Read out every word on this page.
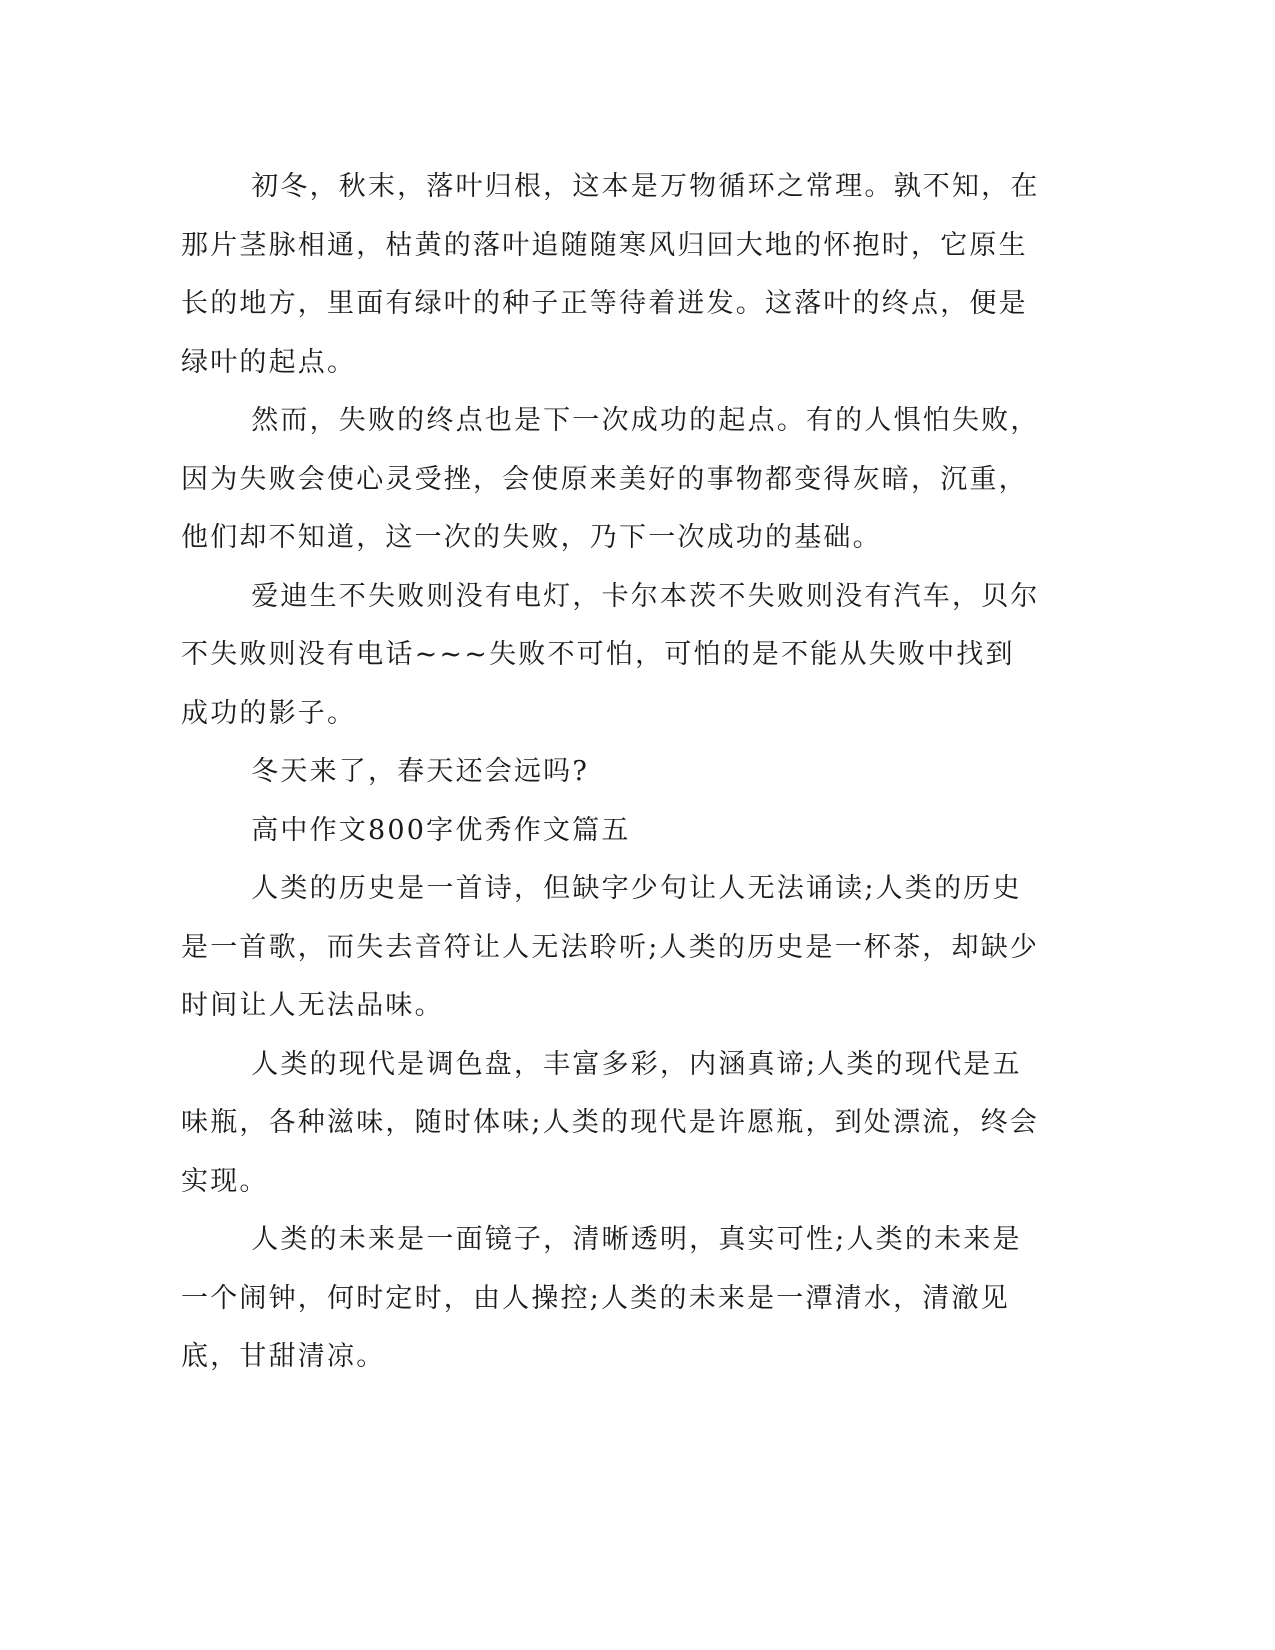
初冬，秋末，落叶归根，这本是万物循环之常理。孰不知，在那片茎脉相通，枯黄的落叶追随随寒风归回大地的怀抱时，它原生长的地方，里面有绿叶的种子正等待着迸发。这落叶的终点，便是绿叶的起点。

然而，失败的终点也是下一次成功的起点。有的人惧怕失败，因为失败会使心灵受挫，会使原来美好的事物都变得灰暗，沉重，他们却不知道，这一次的失败，乃下一次成功的基础。

爱迪生不失败则没有电灯，卡尔本茨不失败则没有汽车，贝尔不失败则没有电话~~~失败不可怕，可怕的是不能从失败中找到成功的影子。

冬天来了，春天还会远吗?

高中作文800字优秀作文篇五

人类的历史是一首诗，但缺字少句让人无法诵读;人类的历史是一首歌，而失去音符让人无法聆听;人类的历史是一杯茶，却缺少时间让人无法品味。

人类的现代是调色盘，丰富多彩，内涵真谛;人类的现代是五味瓶，各种滋味，随时体味;人类的现代是许愿瓶，到处漂流，终会实现。

人类的未来是一面镜子，清晰透明，真实可性;人类的未来是一个闹钟，何时定时，由人操控;人类的未来是一潭清水，清澈见底，甘甜清凉。
